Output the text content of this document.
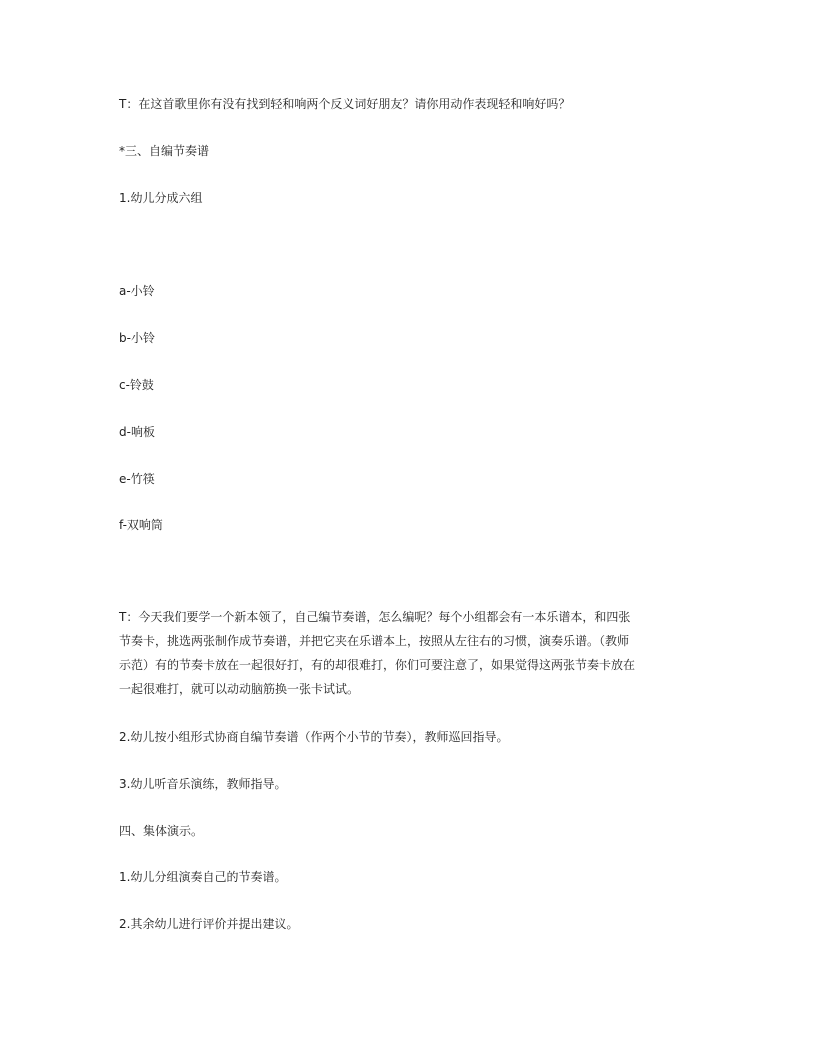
T：在这首歌里你有没有找到轻和响两个反义词好朋友？请你用动作表现轻和响好吗？
*三、自编节奏谱
1.幼儿分成六组
a-小铃
b-小铃
c-铃鼓
d-响板
e-竹筷
f-双响筒
T：今天我们要学一个新本领了，自己编节奏谱，怎么编呢？每个小组都会有一本乐谱本，和四张
节奏卡，挑选两张制作成节奏谱，并把它夹在乐谱本上，按照从左往右的习惯，演奏乐谱。（教师
示范）有的节奏卡放在一起很好打，有的却很难打，你们可要注意了，如果觉得这两张节奏卡放在
一起很难打，就可以动动脑筋换一张卡试试。
2.幼儿按小组形式协商自编节奏谱（作两个小节的节奏），教师巡回指导。
3.幼儿听音乐演练，教师指导。
四、集体演示。
1.幼儿分组演奏自己的节奏谱。
2.其余幼儿进行评价并提出建议。
